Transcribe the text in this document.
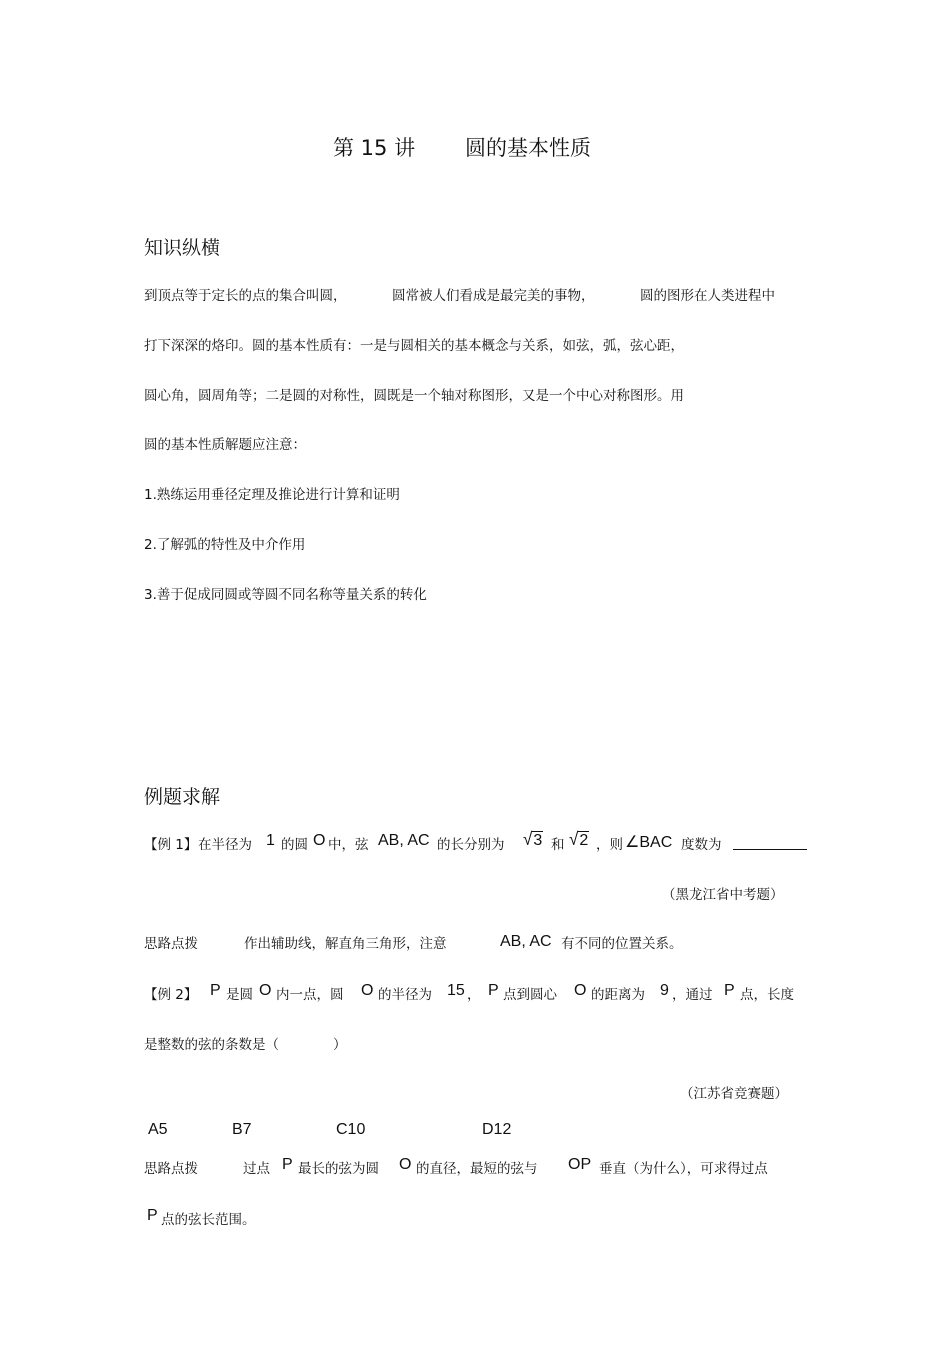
第 15 讲 圆的基本性质
知识纵横
到顶点等于定长的点的集合叫圆，	圆常被人们看成是最完美的事物，	圆的图形在人类进程中
打下深深的烙印。圆的基本性质有：一是与圆相关的基本概念与关系，如弦，弧，弦心距，
圆心角，圆周角等；二是圆的对称性，圆既是一个轴对称图形，又是一个中心对称图形。用
圆的基本性质解题应注意：
1.熟练运用垂径定理及推论进行计算和证明
2.了解弧的特性及中介作用
3.善于促成同圆或等圆不同名称等量关系的转化
例题求解
【例 1】 在半径为 1 的圆 O 中，弦 AB, AC 的长分别为 √3 和 √2 ，则 ∠BAC 度数为
（黑龙江省中考题）
思路点拨	作出辅助线，解直角三角形，注意	AB, AC 有不同的位置关系。
【例 2】 P 是圆 O 内一点，圆 O 的半径为 15 ， P 点到圆心 O 的距离为 9 ，通过 P 点，长度
是整数的弦的条数是（　　　　）
（江苏省竞赛题）
A5	B7	C10	D12
思路点拨	过点 P 最长的弦为圆 O 的直径，最短的弦与 OP 垂直（为什么），可求得过点
P 点的弦长范围。
